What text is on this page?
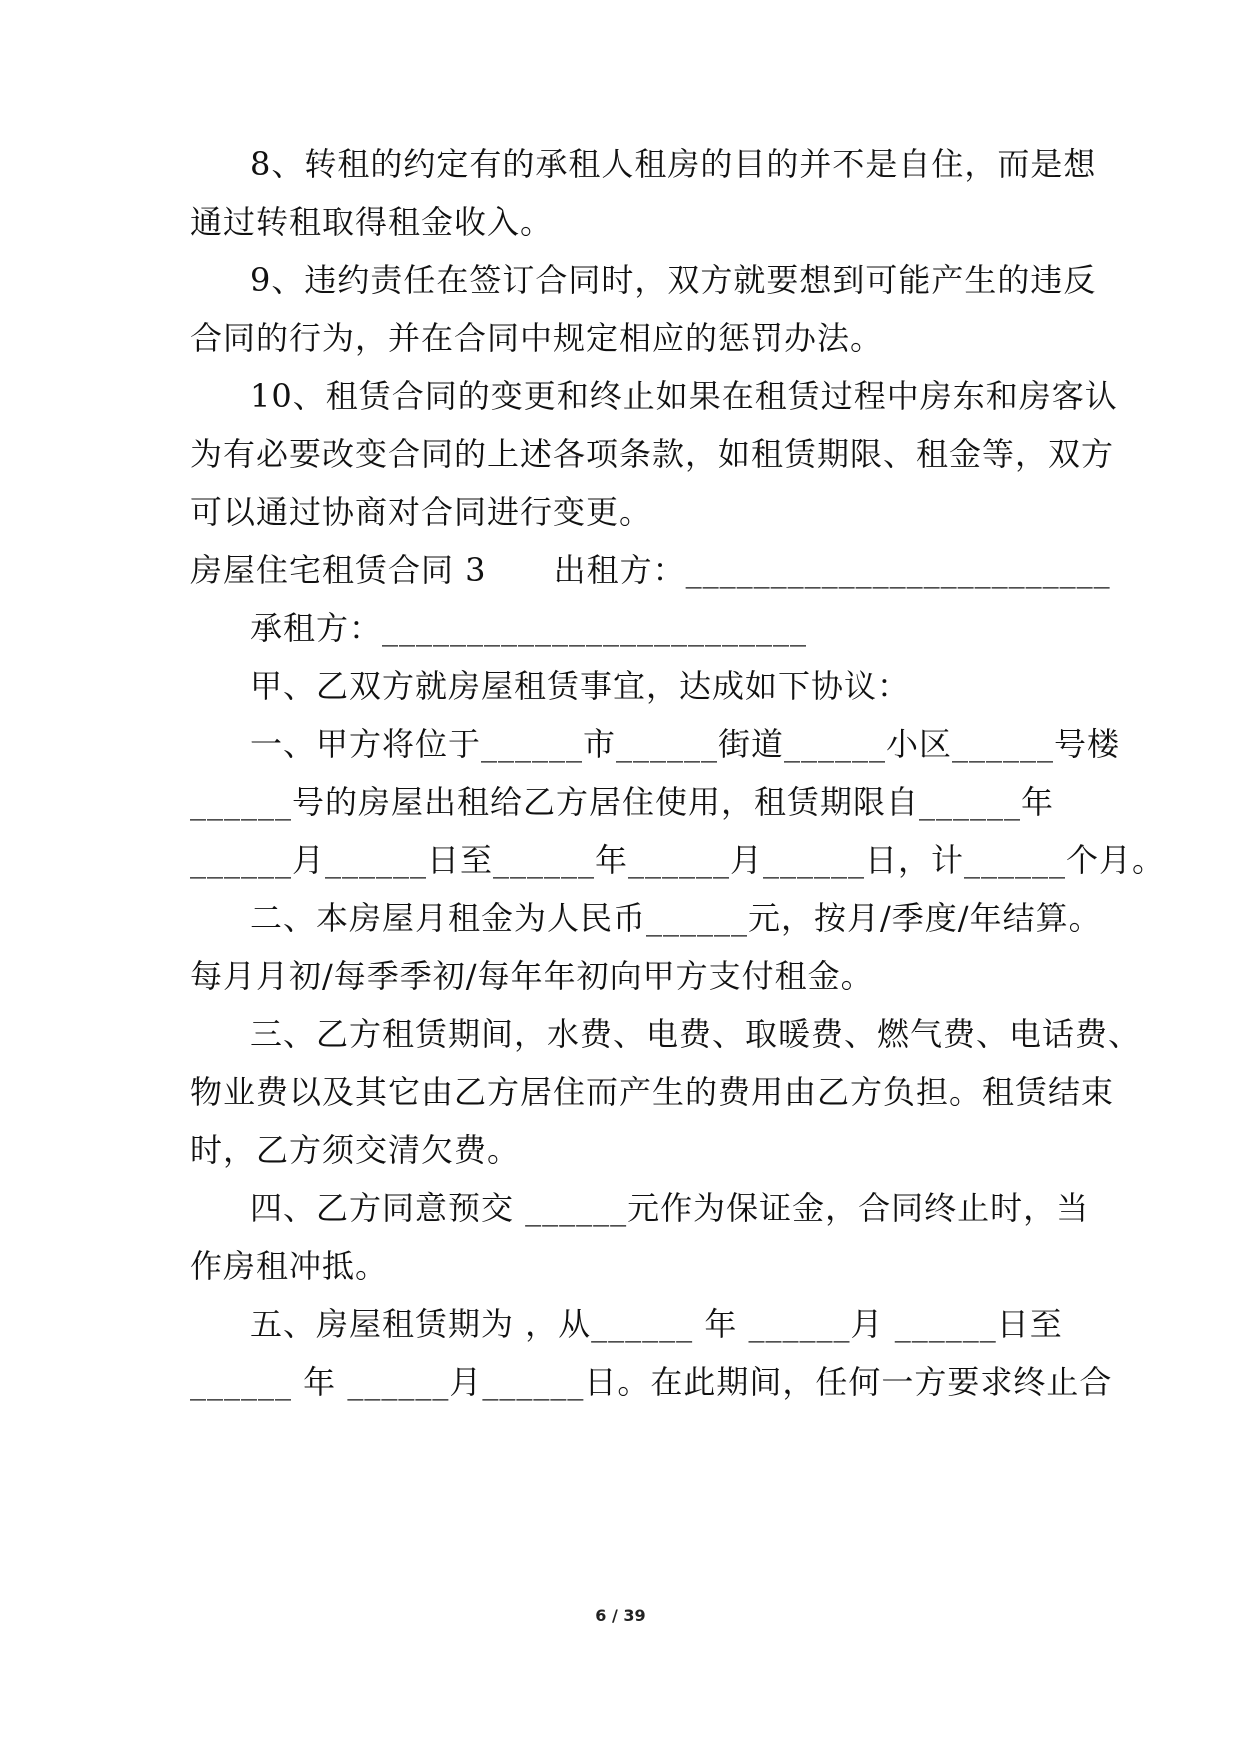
8、转租的约定有的承租人租房的目的并不是自住，而是想
通过转租取得租金收入。
9、违约责任在签订合同时，双方就要想到可能产生的违反
合同的行为，并在合同中规定相应的惩罚办法。
10、租赁合同的变更和终止如果在租赁过程中房东和房客认
为有必要改变合同的上述各项条款，如租赁期限、租金等，双方
可以通过协商对合同进行变更。
房屋住宅租赁合同 3      出租方：_________________________
承租方：_________________________
甲、乙双方就房屋租赁事宜，达成如下协议：
一、甲方将位于______市______街道______小区______号楼
______号的房屋出租给乙方居住使用，租赁期限自______年
______月______日至______年______月______日，计______个月。
二、本房屋月租金为人民币______元，按月/季度/年结算。
每月月初/每季季初/每年年初向甲方支付租金。
三、乙方租赁期间，水费、电费、取暖费、燃气费、电话费、
物业费以及其它由乙方居住而产生的费用由乙方负担。租赁结束
时，乙方须交清欠费。
四、乙方同意预交 ______元作为保证金，合同终止时，当
作房租冲抵。
五、房屋租赁期为 ，从______ 年 ______月 ______日至
______ 年 ______月______日。在此期间，任何一方要求终止合
6 / 39
